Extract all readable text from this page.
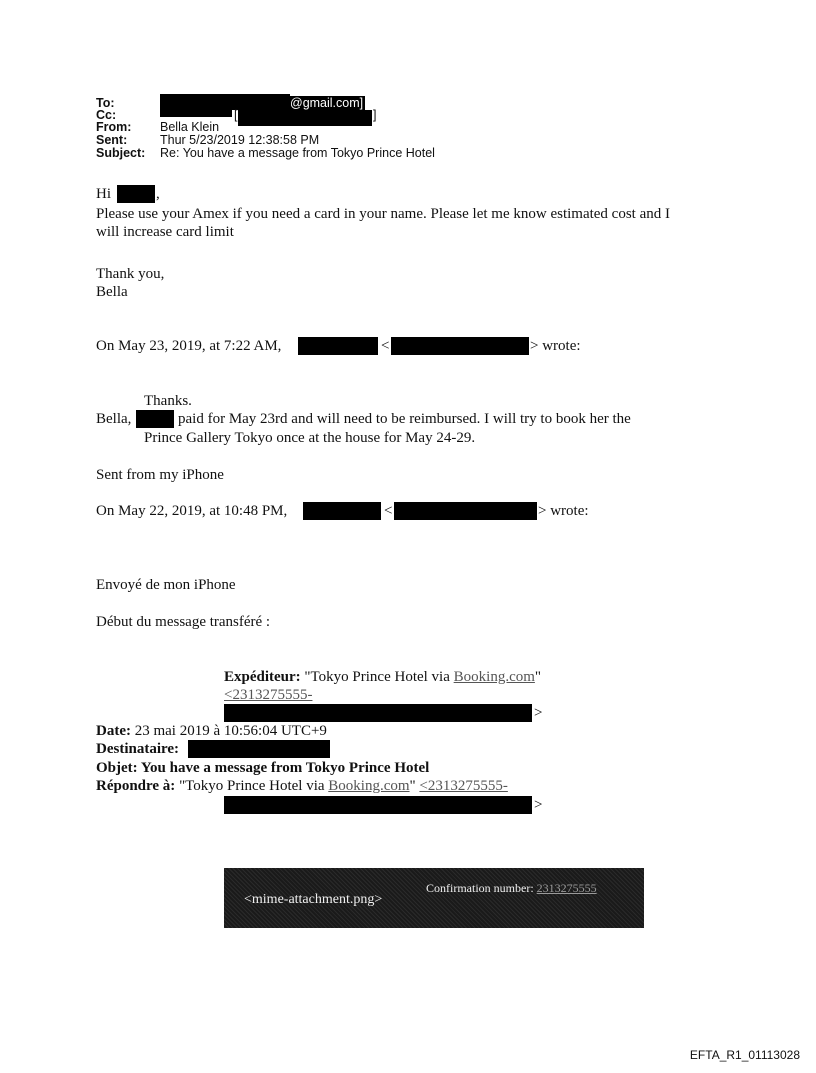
To:	@gmail.com]
Cc:	[	]
From: Bella Klein
Sent:	Thur 5/23/2019 12:38:58 PM
Subject: Re: You have a message from Tokyo Prince Hotel
Hi	,
Please use your Amex if you need a card in your name. Please let me know estimated cost and I
will increase card limit
Thank you,
Bella
On May 23, 2019, at 7:22 AM,	<	> wrote:
Thanks.
Bella,	paid for May 23rd and will need to be reimbursed. I will try to book her the
Prince Gallery Tokyo once at the house for May 24-29.
Sent from my iPhone
On May 22, 2019, at 10:48 PM,	<	> wrote:
Envoyé de mon iPhone
Début du message transféré :
Expéditeur: "Tokyo Prince Hotel via Booking.com"
<2313275555-
>
Date: 23 mai 2019 à 10:56:04 UTC+9
Destinataire:
Objet: You have a message from Tokyo Prince Hotel
Répondre à: "Tokyo Prince Hotel via Booking.com" <2313275555-
>
<mime-attachment.png>
Confirmation number: 2313275555
EFTA_R1_01113028
